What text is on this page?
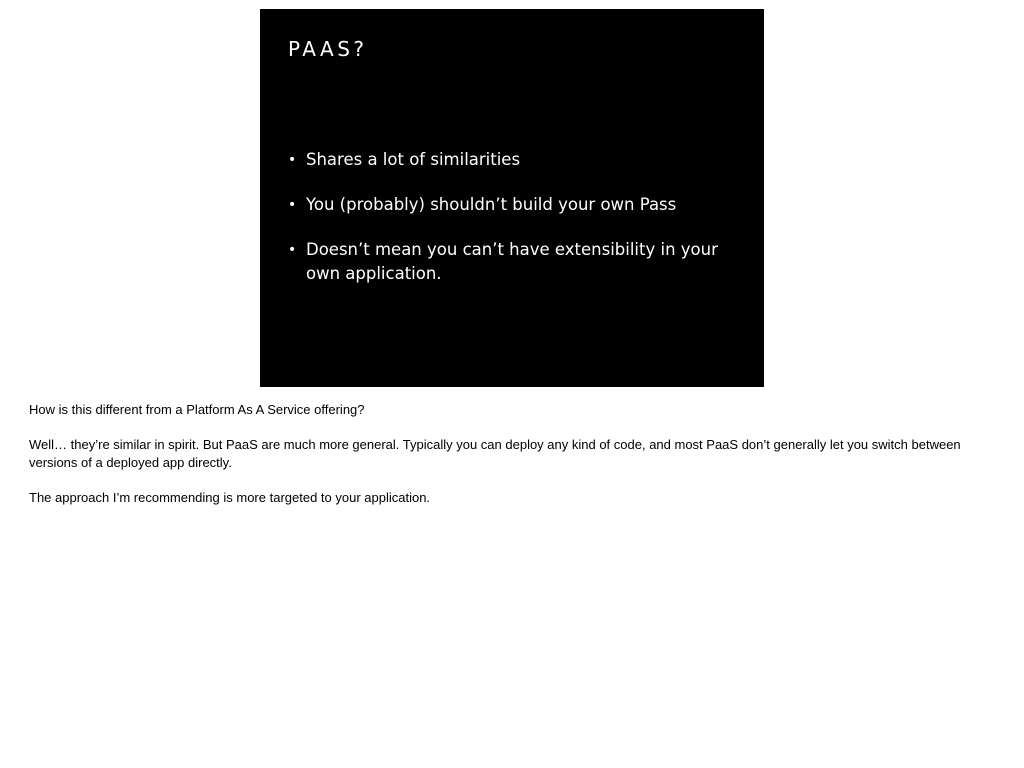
PAAS?
• Shares a lot of similarities
• You (probably) shouldn’t build your own Pass
• Doesn’t mean you can’t have extensibility in your own application.

How is this different from a Platform As A Service offering?

Well… they’re similar in spirit. But PaaS are much more general. Typically you can deploy any kind of code, and most PaaS don’t generally let you switch between versions of a deployed app directly.

The approach I’m recommending is more targeted to your application.
